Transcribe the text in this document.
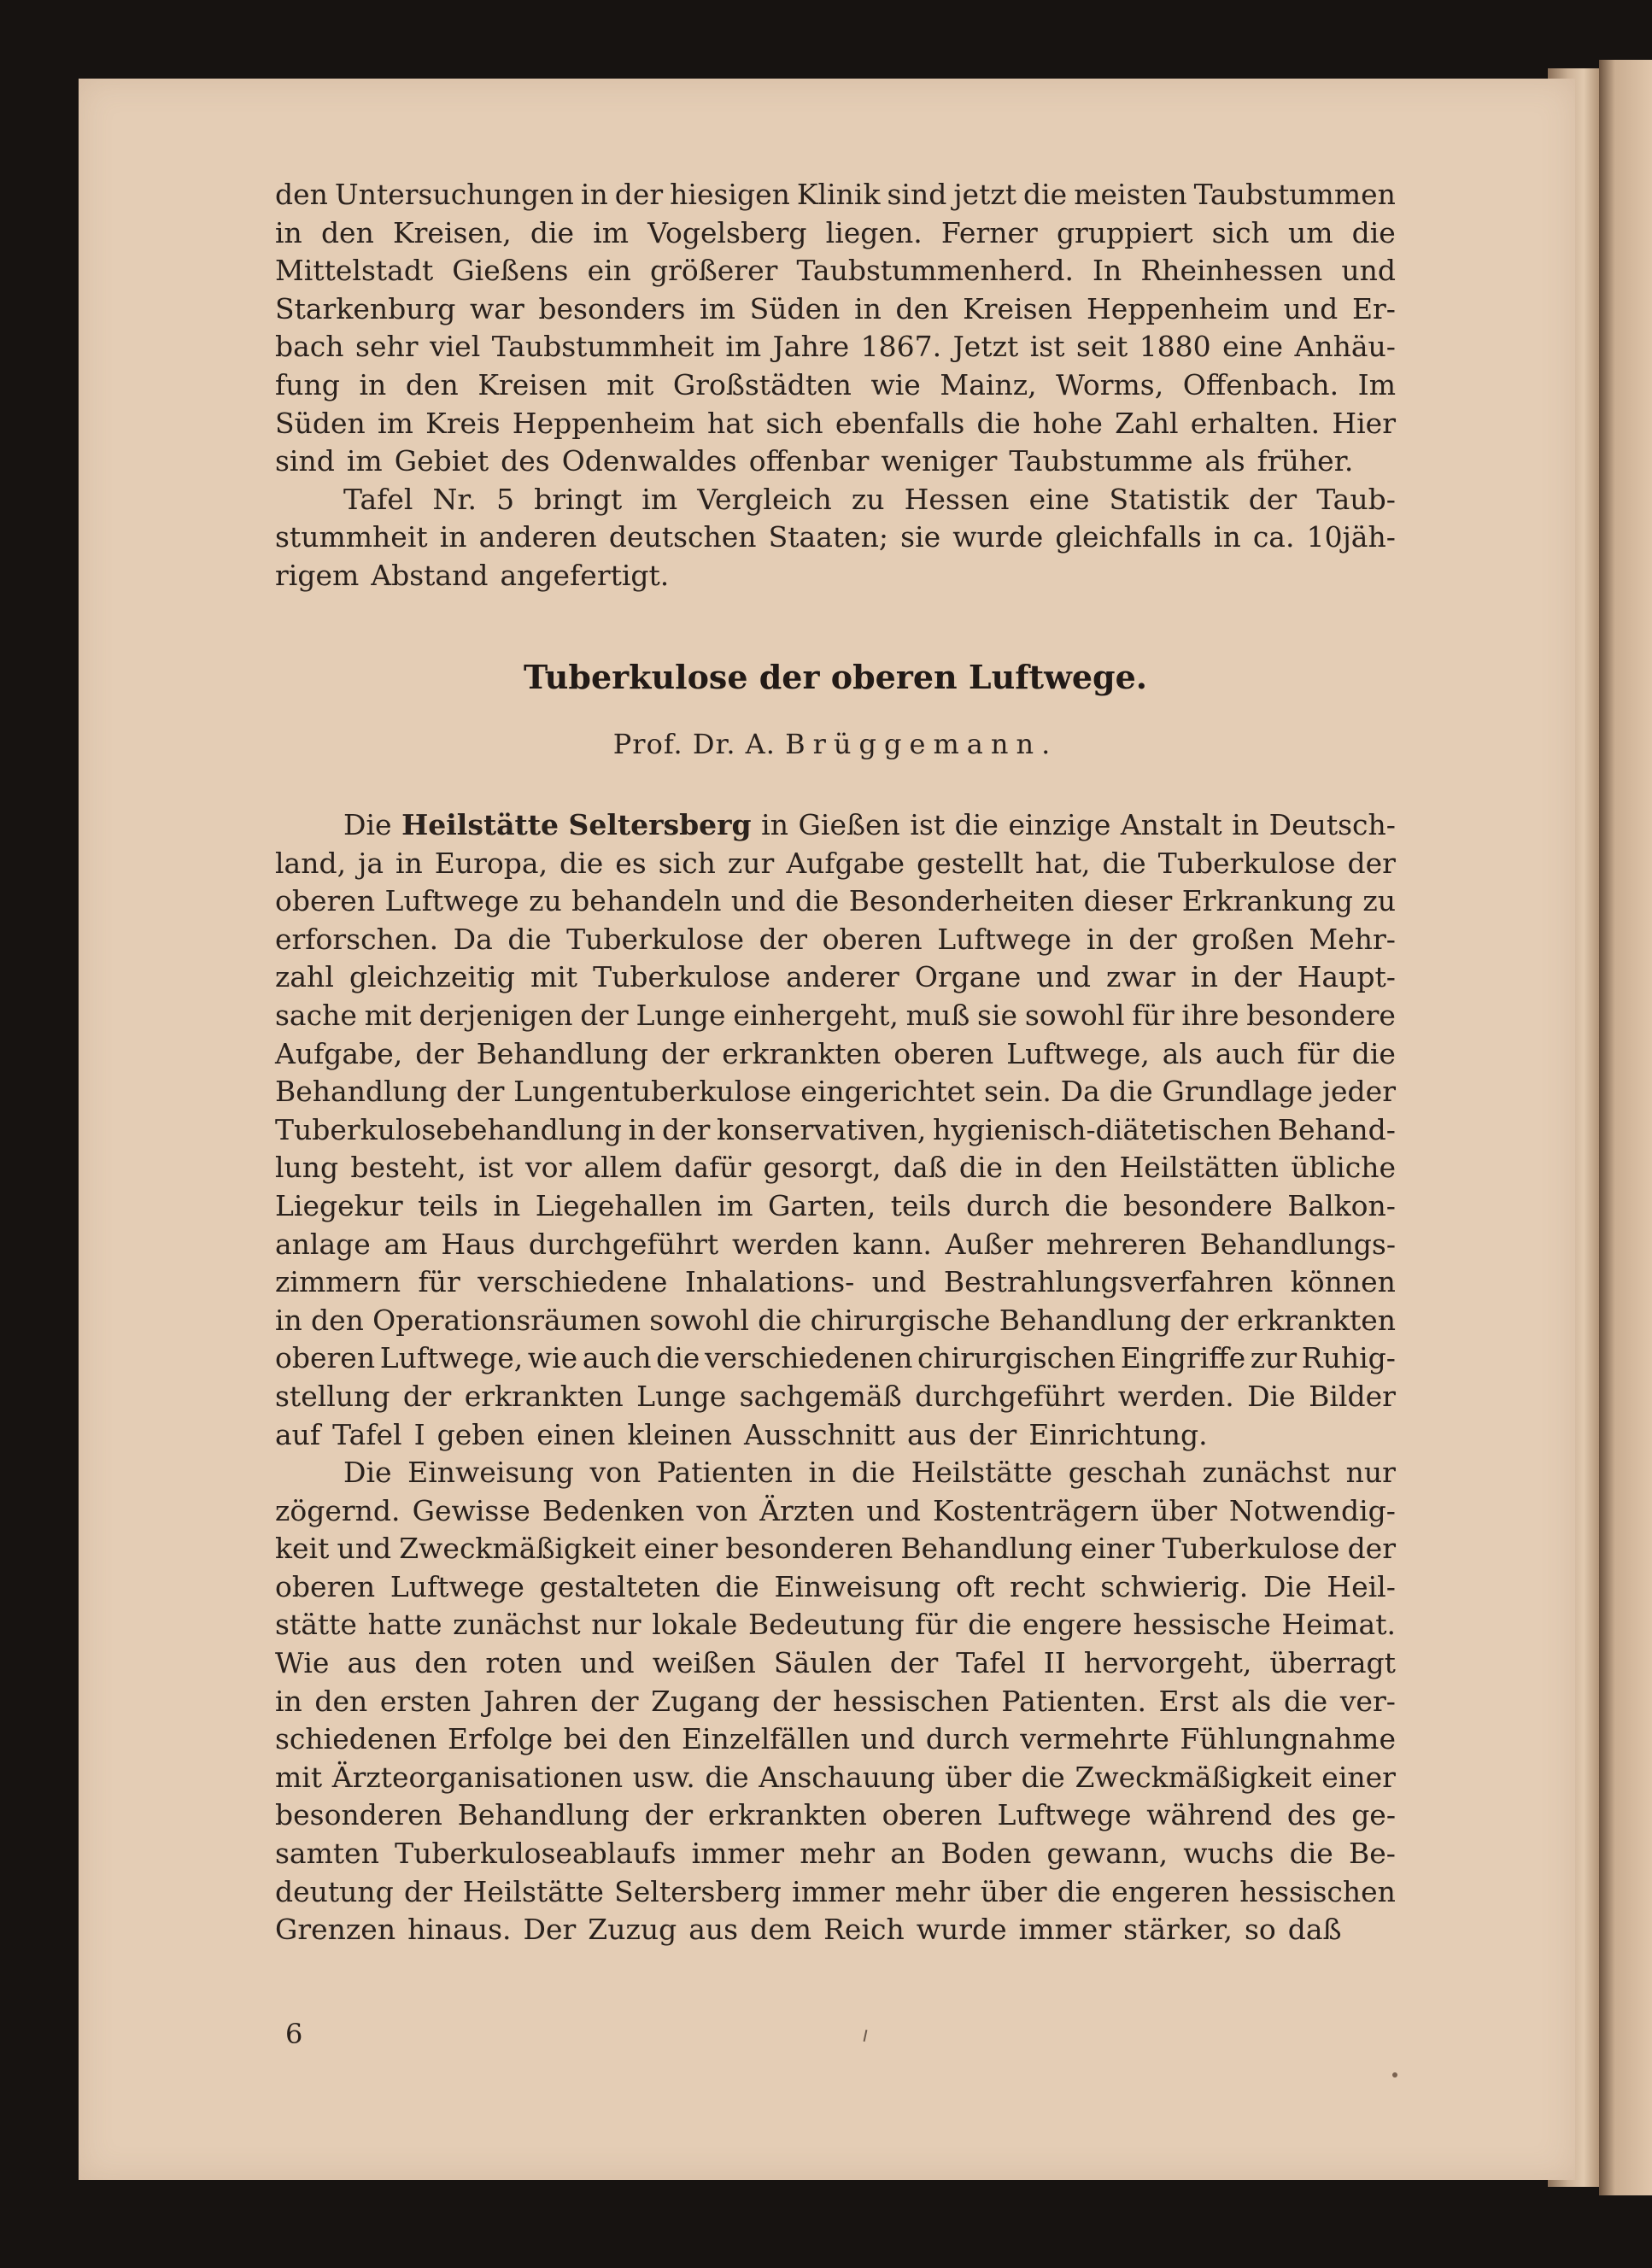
den Untersuchungen in der hiesigen Klinik sind jetzt die meisten Taubstummen
in den Kreisen, die im Vogelsberg liegen. Ferner gruppiert sich um die
Mittelstadt Gießens ein größerer Taubstummenherd. In Rheinhessen und
Starkenburg war besonders im Süden in den Kreisen Heppenheim und Er-
bach sehr viel Taubstummheit im Jahre 1867. Jetzt ist seit 1880 eine Anhäu-
fung in den Kreisen mit Großstädten wie Mainz, Worms, Offenbach. Im
Süden im Kreis Heppenheim hat sich ebenfalls die hohe Zahl erhalten. Hier
sind im Gebiet des Odenwaldes offenbar weniger Taubstumme als früher.
Tafel Nr. 5 bringt im Vergleich zu Hessen eine Statistik der Taub-
stummheit in anderen deutschen Staaten; sie wurde gleichfalls in ca. 10jäh-
rigem Abstand angefertigt.
Tuberkulose der oberen Luftwege.
Prof. Dr. A. Brüggemann.
Die Heilstätte Seltersberg in Gießen ist die einzige Anstalt in Deutsch-
land, ja in Europa, die es sich zur Aufgabe gestellt hat, die Tuberkulose der
oberen Luftwege zu behandeln und die Besonderheiten dieser Erkrankung zu
erforschen. Da die Tuberkulose der oberen Luftwege in der großen Mehr-
zahl gleichzeitig mit Tuberkulose anderer Organe und zwar in der Haupt-
sache mit derjenigen der Lunge einhergeht, muß sie sowohl für ihre besondere
Aufgabe, der Behandlung der erkrankten oberen Luftwege, als auch für die
Behandlung der Lungentuberkulose eingerichtet sein. Da die Grundlage jeder
Tuberkulosebehandlung in der konservativen, hygienisch-diätetischen Behand-
lung besteht, ist vor allem dafür gesorgt, daß die in den Heilstätten übliche
Liegekur teils in Liegehallen im Garten, teils durch die besondere Balkon-
anlage am Haus durchgeführt werden kann. Außer mehreren Behandlungs-
zimmern für verschiedene Inhalations- und Bestrahlungsverfahren können
in den Operationsräumen sowohl die chirurgische Behandlung der erkrankten
oberen Luftwege, wie auch die verschiedenen chirurgischen Eingriffe zur Ruhig-
stellung der erkrankten Lunge sachgemäß durchgeführt werden. Die Bilder
auf Tafel I geben einen kleinen Ausschnitt aus der Einrichtung.
Die Einweisung von Patienten in die Heilstätte geschah zunächst nur
zögernd. Gewisse Bedenken von Ärzten und Kostenträgern über Notwendig-
keit und Zweckmäßigkeit einer besonderen Behandlung einer Tuberkulose der
oberen Luftwege gestalteten die Einweisung oft recht schwierig. Die Heil-
stätte hatte zunächst nur lokale Bedeutung für die engere hessische Heimat.
Wie aus den roten und weißen Säulen der Tafel II hervorgeht, überragt
in den ersten Jahren der Zugang der hessischen Patienten. Erst als die ver-
schiedenen Erfolge bei den Einzelfällen und durch vermehrte Fühlungnahme
mit Ärzteorganisationen usw. die Anschauung über die Zweckmäßigkeit einer
besonderen Behandlung der erkrankten oberen Luftwege während des ge-
samten Tuberkuloseablaufs immer mehr an Boden gewann, wuchs die Be-
deutung der Heilstätte Seltersberg immer mehr über die engeren hessischen
Grenzen hinaus. Der Zuzug aus dem Reich wurde immer stärker, so daß
6
